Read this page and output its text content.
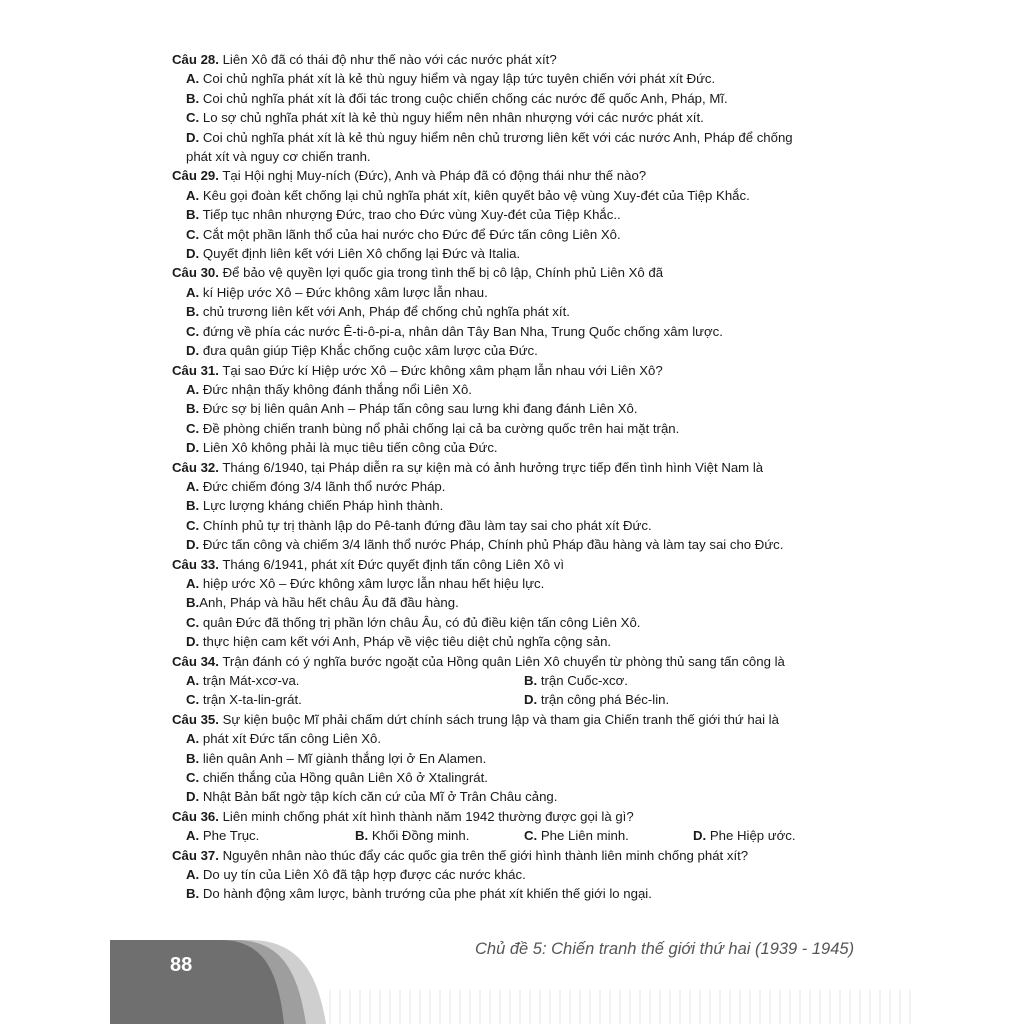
88
Chủ đề 5: Chiến tranh thế giới thứ hai (1939 - 1945)
Câu 28. Liên Xô đã có thái độ như thế nào với các nước phát xít?
A. Coi chủ nghĩa phát xít là kẻ thù nguy hiểm và ngay lập tức tuyên chiến với phát xít Đức.
B. Coi chủ nghĩa phát xít là đối tác trong cuộc chiến chống các nước đế quốc Anh, Pháp, Mĩ.
C. Lo sợ chủ nghĩa phát xít là kẻ thù nguy hiểm nên nhân nhượng với các nước phát xít.
D. Coi chủ nghĩa phát xít là kẻ thù nguy hiểm nên chủ trương liên kết với các nước Anh, Pháp để chống
phát xít và nguy cơ chiến tranh.
Câu 29. Tại Hội nghị Muy-ních (Đức), Anh và Pháp đã có động thái như thế nào?
A. Kêu gọi đoàn kết chống lại chủ nghĩa phát xít, kiên quyết bảo vệ vùng Xuy-đét của Tiệp Khắc.
B. Tiếp tục nhân nhượng Đức, trao cho Đức vùng Xuy-đét của Tiệp Khắc..
C. Cắt một phần lãnh thổ của hai nước cho Đức để Đức tấn công Liên Xô.
D. Quyết định liên kết với Liên Xô chống lại Đức và Italia.
Câu 30. Để bảo vệ quyền lợi quốc gia trong tình thế bị cô lập, Chính phủ Liên Xô đã
A. kí Hiệp ước Xô – Đức không xâm lược lẫn nhau.
B. chủ trương liên kết với Anh, Pháp để chống chủ nghĩa phát xít.
C. đứng về phía các nước Ê-ti-ô-pi-a, nhân dân Tây Ban Nha, Trung Quốc chống xâm lược.
D. đưa quân giúp Tiệp Khắc chống cuộc xâm lược của Đức.
Câu 31. Tại sao Đức kí Hiệp ước Xô – Đức không xâm phạm lẫn nhau với Liên Xô?
A. Đức nhận thấy không đánh thắng nổi Liên Xô.
B. Đức sợ bị liên quân Anh – Pháp tấn công sau lưng khi đang đánh Liên Xô.
C. Đề phòng chiến tranh bùng nổ phải chống lại cả ba cường quốc trên hai mặt trận.
D. Liên Xô không phải là mục tiêu tiến công của Đức.
Câu 32. Tháng 6/1940, tại Pháp diễn ra sự kiện mà có ảnh hưởng trực tiếp đến tình hình Việt Nam là
A. Đức chiếm đóng 3/4 lãnh thổ nước Pháp.
B. Lực lượng kháng chiến Pháp hình thành.
C. Chính phủ tự trị thành lập do Pê-tanh đứng đầu làm tay sai cho phát xít Đức.
D. Đức tấn công và chiếm 3/4 lãnh thổ nước Pháp, Chính phủ Pháp đầu hàng và làm tay sai cho Đức.
Câu 33. Tháng 6/1941, phát xít Đức quyết định tấn công Liên Xô vì
A. hiệp ước Xô – Đức không xâm lược lẫn nhau hết hiệu lực.
B.Anh, Pháp và hầu hết châu Âu đã đầu hàng.
C. quân Đức đã thống trị phần lớn châu Âu, có đủ điều kiện tấn công Liên Xô.
D. thực hiện cam kết với Anh, Pháp về việc tiêu diệt chủ nghĩa cộng sản.
Câu 34. Trận đánh có ý nghĩa bước ngoặt của Hồng quân Liên Xô chuyển từ phòng thủ sang tấn công là
A. trận Mát-xcơ-va.	B. trận Cuốc-xcơ.
C. trận X-ta-lin-grát.	D. trận công phá Béc-lin.
Câu 35. Sự kiện buộc Mĩ phải chấm dứt chính sách trung lập và tham gia Chiến tranh thế giới thứ hai là
A. phát xít Đức tấn công Liên Xô.
B. liên quân Anh – Mĩ giành thắng lợi ở En Alamen.
C. chiến thắng của Hồng quân Liên Xô ở Xtalingrát.
D. Nhật Bản bất ngờ tập kích căn cứ của Mĩ ở Trân Châu cảng.
Câu 36. Liên minh chống phát xít hình thành năm 1942 thường được gọi là gì?
A. Phe Trục.	B. Khối Đồng minh.	C. Phe Liên minh.	D. Phe Hiệp ước.
Câu 37. Nguyên nhân nào thúc đẩy các quốc gia trên thế giới hình thành liên minh chống phát xít?
A. Do uy tín của Liên Xô đã tập hợp được các nước khác.
B. Do hành động xâm lược, bành trướng của phe phát xít khiến thế giới lo ngại.
